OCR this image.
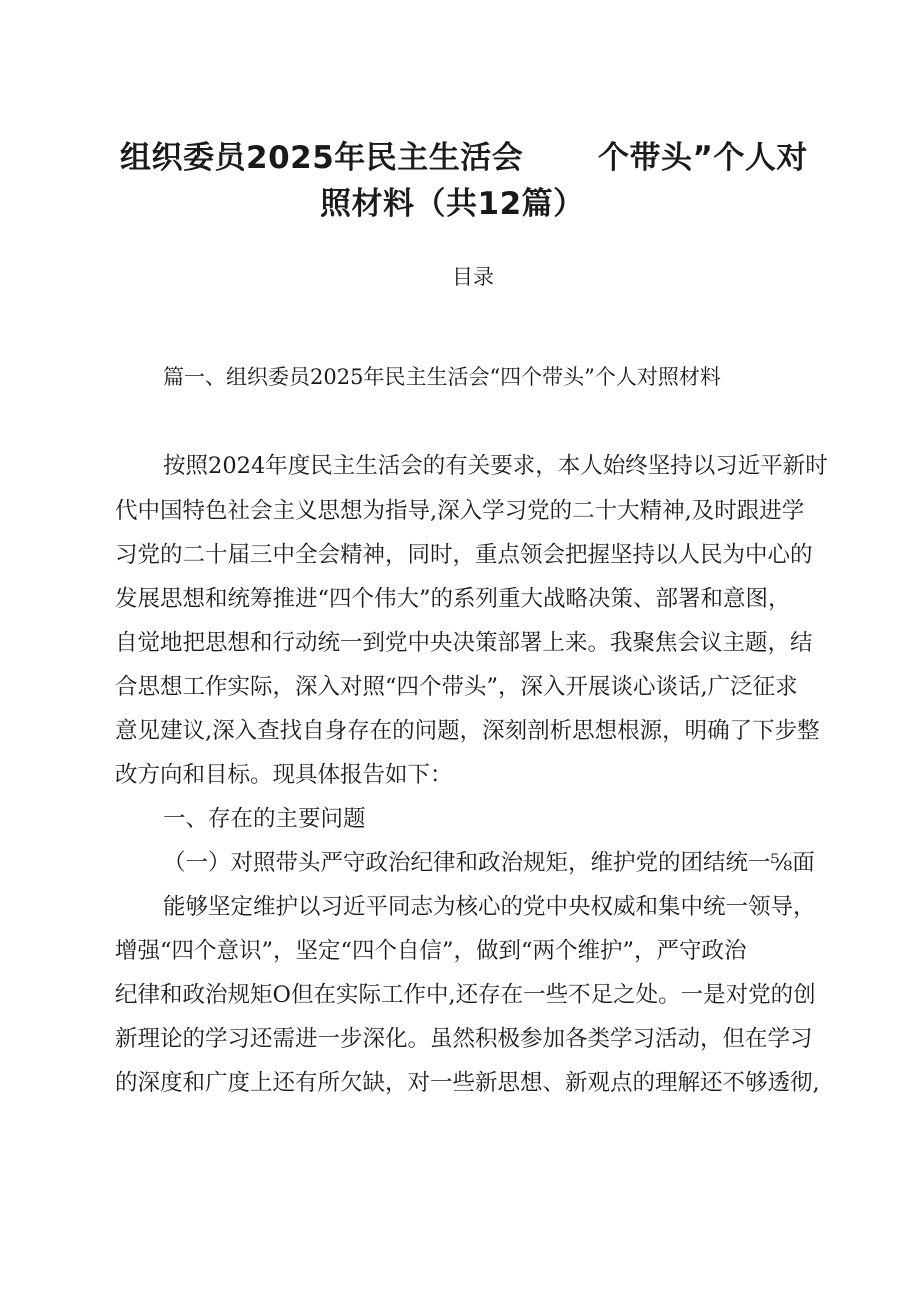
组织委员2025年民主生活会 个带头”个人对
照材料（共12篇）
目录
篇一、组织委员2025年民主生活会“四个带头”个人对照材料
按照2024年度民主生活会的有关要求，本人始终坚持以习近平新时
代中国特色社会主义思想为指导,深入学习党的二十大精神,及时跟进学
习党的二十届三中全会精神，同时，重点领会把握坚持以人民为中心的
发展思想和统筹推进“四个伟大”的系列重大战略决策、部署和意图，
自觉地把思想和行动统一到党中央决策部署上来。我聚焦会议主题，结
合思想工作实际，深入对照“四个带头”，深入开展谈心谈话,广泛征求
意见建议,深入查找自身存在的问题，深刻剖析思想根源，明确了下步整
改方向和目标。现具体报告如下：
一、存在的主要问题
（一）对照带头严守政治纪律和政治规矩，维护党的团结统一⅝面
能够坚定维护以习近平同志为核心的党中央权威和集中统一领导，
增强“四个意识”，坚定“四个自信”，做到“两个维护”，严守政治
纪律和政治规矩O但在实际工作中,还存在一些不足之处。一是对党的创
新理论的学习还需进一步深化。虽然积极参加各类学习活动，但在学习
的深度和广度上还有所欠缺，对一些新思想、新观点的理解还不够透彻,
